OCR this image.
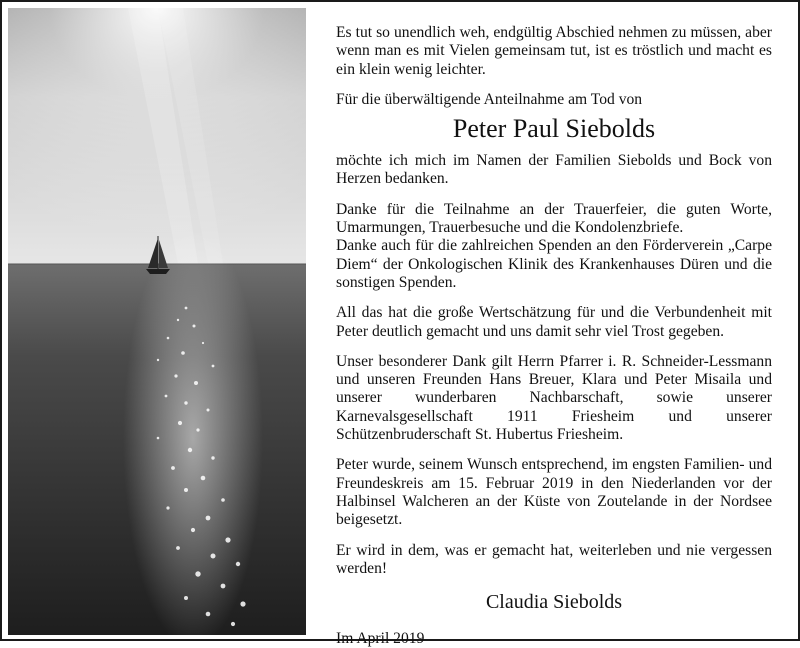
Es tut so unendlich weh, endgültig Abschied nehmen zu müssen, aber wenn man es mit Vielen gemeinsam tut, ist es tröstlich und macht es ein klein wenig leichter.

Für die überwältigende Anteilnahme am Tod von

Peter Paul Siebolds

möchte ich mich im Namen der Familien Siebolds und Bock von Herzen bedanken.

Danke für die Teilnahme an der Trauerfeier, die guten Worte, Umarmungen, Trauerbesuche und die Kondolenzbriefe.

Danke auch für die zahlreichen Spenden an den Förderverein „Carpe Diem“ der Onkologischen Klinik des Krankenhauses Düren und die sonstigen Spenden.

All das hat die große Wertschätzung für und die Verbundenheit mit Peter deutlich gemacht und uns damit sehr viel Trost gegeben.

Unser besonderer Dank gilt Herrn Pfarrer i. R. Schneider-Lessmann und unseren Freunden Hans Breuer, Klara und Peter Misaila und unserer wunderbaren Nachbarschaft, sowie unserer Karnevalsgesellschaft 1911 Friesheim und unserer Schützenbruderschaft St. Hubertus Friesheim.

Peter wurde, seinem Wunsch entsprechend, im engsten Familien- und Freundeskreis am 15. Februar 2019 in den Niederlanden vor der Halbinsel Walcheren an der Küste von Zoutelande in der Nordsee beigesetzt.

Er wird in dem, was er gemacht hat, weiterleben und nie vergessen werden!

Claudia Siebolds
Im April 2019
